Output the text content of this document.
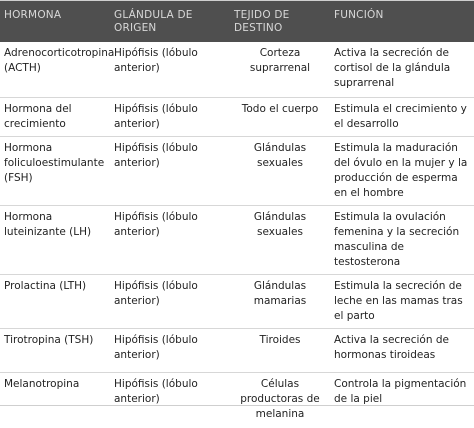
HORMONA	GLÁNDULA DE ORIGEN	TEJIDO DE DESTINO	FUNCIÓN
Adrenocorticotropina (ACTH)	Hipófisis (lóbulo anterior)	Corteza suprarrenal	Activa la secreción de cortisol de la glándula suprarrenal
Hormona del crecimiento	Hipófisis (lóbulo anterior)	Todo el cuerpo	Estimula el crecimiento y el desarrollo
Hormona foliculoestimulante (FSH)	Hipófisis (lóbulo anterior)	Glándulas sexuales	Estimula la maduración del óvulo en la mujer y la producción de esperma en el hombre
Hormona luteinizante (LH)	Hipófisis (lóbulo anterior)	Glándulas sexuales	Estimula la ovulación femenina y la secreción masculina de testosterona
Prolactina (LTH)	Hipófisis (lóbulo anterior)	Glándulas mamarias	Estimula la secreción de leche en las mamas tras el parto
Tirotropina (TSH)	Hipófisis (lóbulo anterior)	Tiroides	Activa la secreción de hormonas tiroideas
Melanotropina	Hipófisis (lóbulo anterior)	Células productoras de melanina	Controla la pigmentación de la piel
